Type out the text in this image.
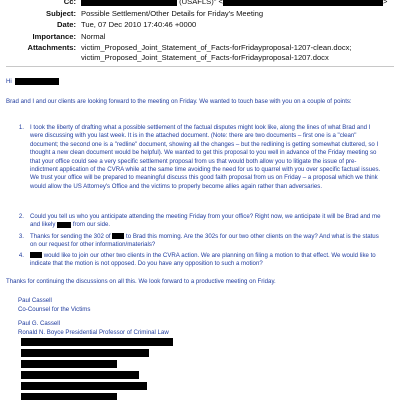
Cc:	(USAFLS)" <	>
Subject: Possible Settlement/Other Details for Friday's Meeting
Date: Tue, 07 Dec 2010 17:40:46 +0000
Importance: Normal
Attachments: victim_Proposed_Joint_Statement_of_Facts-forFridayproposal-1207-clean.docx;
victim_Proposed_Joint_Statement_of_Facts-forFridayproposal-1207.docx

Hi

Brad and I and our clients are looking forward to the meeting on Friday. We wanted to touch base with you on a couple of points:

1. I took the liberty of drafting what a possible settlement of the factual disputes might look like, along the lines of what Brad and I were discussing with you last week. It is in the attached document. (Note: there are two documents – first one is a "clean" document; the second one is a "redline" document, showing all the changes – but the redlining is getting somewhat cluttered, so I thought a new clean document would be helpful). We wanted to get this proposal to you well in advance of the Friday meeting so that your office could see a very specific settlement proposal from us that would both allow you to litigate the issue of pre-indictment application of the CVRA while at the same time avoiding the need for us to quarrel with you over specific factual issues. We trust your office will be prepared to meaningful discuss this good faith proposal from us on Friday – a proposal which we think would allow the US Attorney's Office and the victims to properly become allies again rather than adversaries.

2. Could you tell us who you anticipate attending the meeting Friday from your office? Right now, we anticipate it will be Brad and me and likely	from our side.

3. Thanks for sending the 302 of	to Brad this morning. Are the 302s for our two other clients on the way? And what is the status on our request for other information/materials?

4.	would like to join our other two clients in the CVRA action. We are planning on filing a motion to that effect. We would like to indicate that the motion is not opposed. Do you have any opposition to such a motion?

Thanks for continuing the discussions on all this. We look forward to a productive meeting on Friday.

Paul Cassell

Co-Counsel for the Victims

Paul G. Cassell

Ronald N. Boyce Presidential Professor of Criminal Law
